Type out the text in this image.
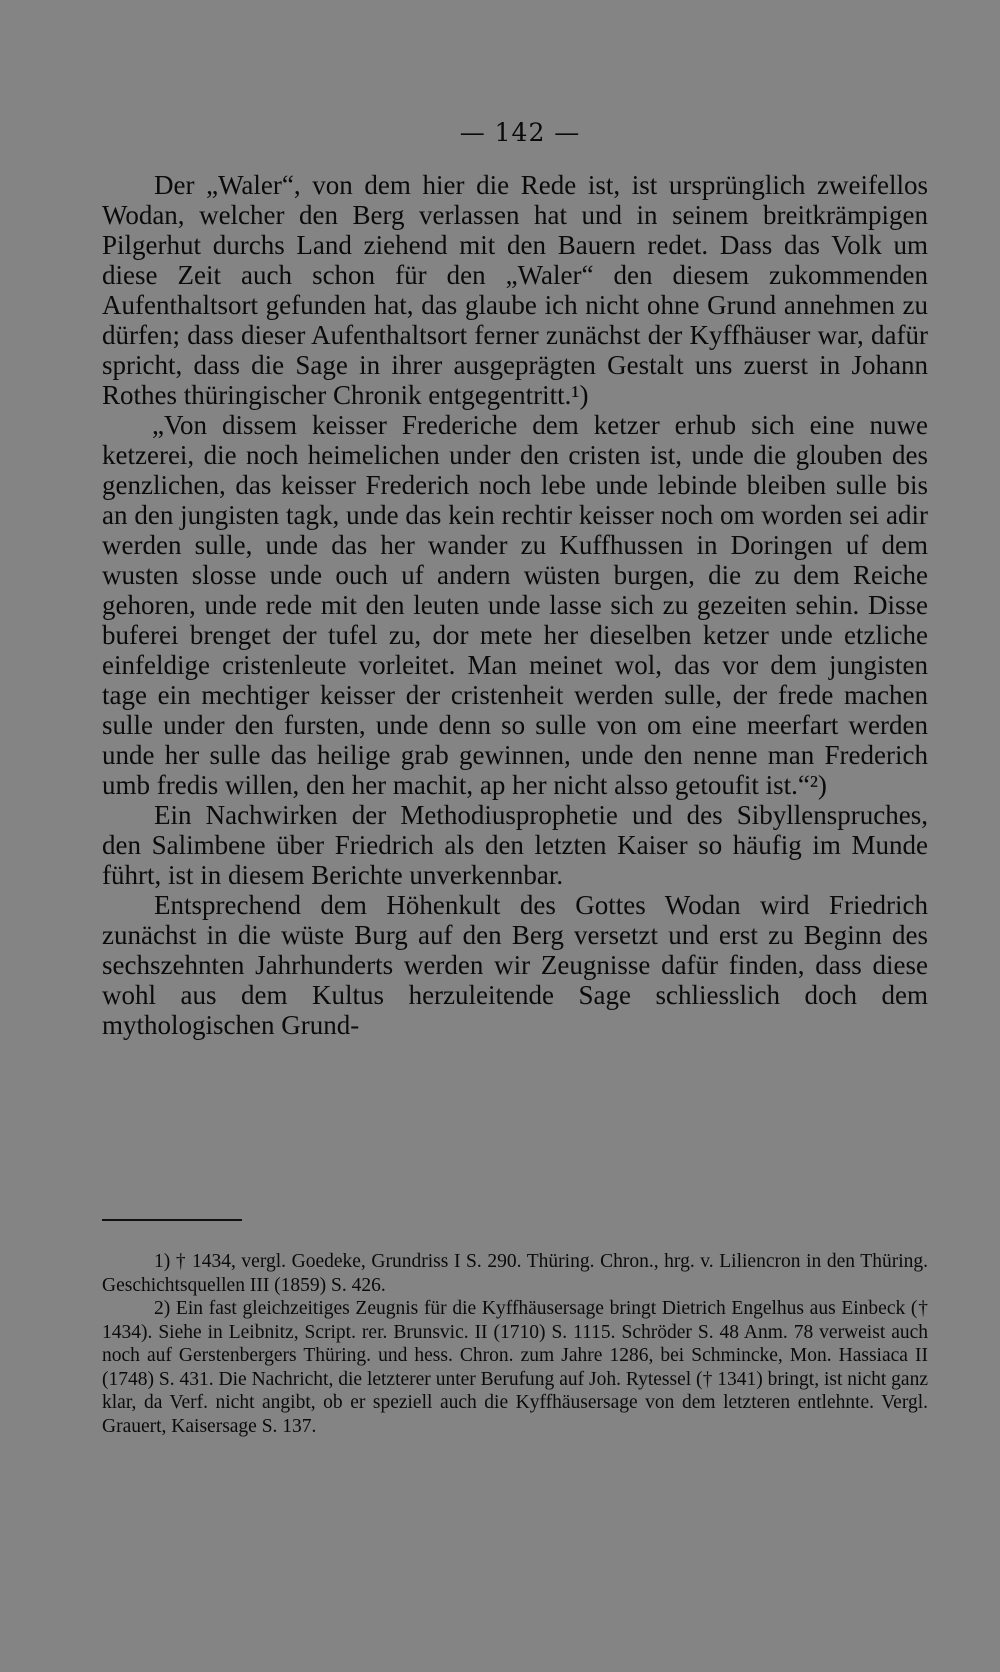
— 142 —

Der „Waler“, von dem hier die Rede ist, ist ursprünglich zweifellos Wodan, welcher den Berg verlassen hat und in seinem breitkrämpigen Pilgerhut durchs Land ziehend mit den Bauern redet. Dass das Volk um diese Zeit auch schon für den „Waler“ den diesem zukommenden Aufenthaltsort gefunden hat, das glaube ich nicht ohne Grund annehmen zu dürfen; dass dieser Aufenthaltsort ferner zunächst der Kyffhäuser war, dafür spricht, dass die Sage in ihrer ausgeprägten Gestalt uns zuerst in Johann Rothes thüringischer Chronik entgegentritt.¹)

„Von dissem keisser Frederiche dem ketzer erhub sich eine nuwe ketzerei, die noch heimelichen under den cristen ist, unde die glouben des genzlichen, das keisser Frederich noch lebe unde lebinde bleiben sulle bis an den jungisten tagk, unde das kein rechtir keisser noch om worden sei adir werden sulle, unde das her wander zu Kuffhussen in Doringen uf dem wusten slosse unde ouch uf andern wüsten burgen, die zu dem Reiche gehoren, unde rede mit den leuten unde lasse sich zu gezeiten sehin. Disse buferei brenget der tufel zu, dor mete her dieselben ketzer unde etzliche einfeldige cristenleute vorleitet. Man meinet wol, das vor dem jungisten tage ein mechtiger keisser der cristenheit werden sulle, der frede machen sulle under den fursten, unde denn so sulle von om eine meerfart werden unde her sulle das heilige grab gewinnen, unde den nenne man Frederich umb fredis willen, den her machit, ap her nicht alsso getoufit ist.“²)

Ein Nachwirken der Methodiusprophetie und des Sibyllenspruches, den Salimbene über Friedrich als den letzten Kaiser so häufig im Munde führt, ist in diesem Berichte unverkennbar.

Entsprechend dem Höhenkult des Gottes Wodan wird Friedrich zunächst in die wüste Burg auf den Berg versetzt und erst zu Beginn des sechszehnten Jahrhunderts werden wir Zeugnisse dafür finden, dass diese wohl aus dem Kultus herzuleitende Sage schliesslich doch dem mythologischen Grund-

1) † 1434, vergl. Goedeke, Grundriss I S. 290. Thüring. Chron., hrg. v. Liliencron in den Thüring. Geschichtsquellen III (1859) S. 426.

2) Ein fast gleichzeitiges Zeugnis für die Kyffhäusersage bringt Dietrich Engelhus aus Einbeck († 1434). Siehe in Leibnitz, Script. rer. Brunsvic. II (1710) S. 1115. Schröder S. 48 Anm. 78 verweist auch noch auf Gerstenbergers Thüring. und hess. Chron. zum Jahre 1286, bei Schmincke, Mon. Hassiaca II (1748) S. 431. Die Nachricht, die letzterer unter Berufung auf Joh. Rytessel († 1341) bringt, ist nicht ganz klar, da Verf. nicht angibt, ob er speziell auch die Kyffhäusersage von dem letzteren entlehnte. Vergl. Grauert, Kaisersage S. 137.
